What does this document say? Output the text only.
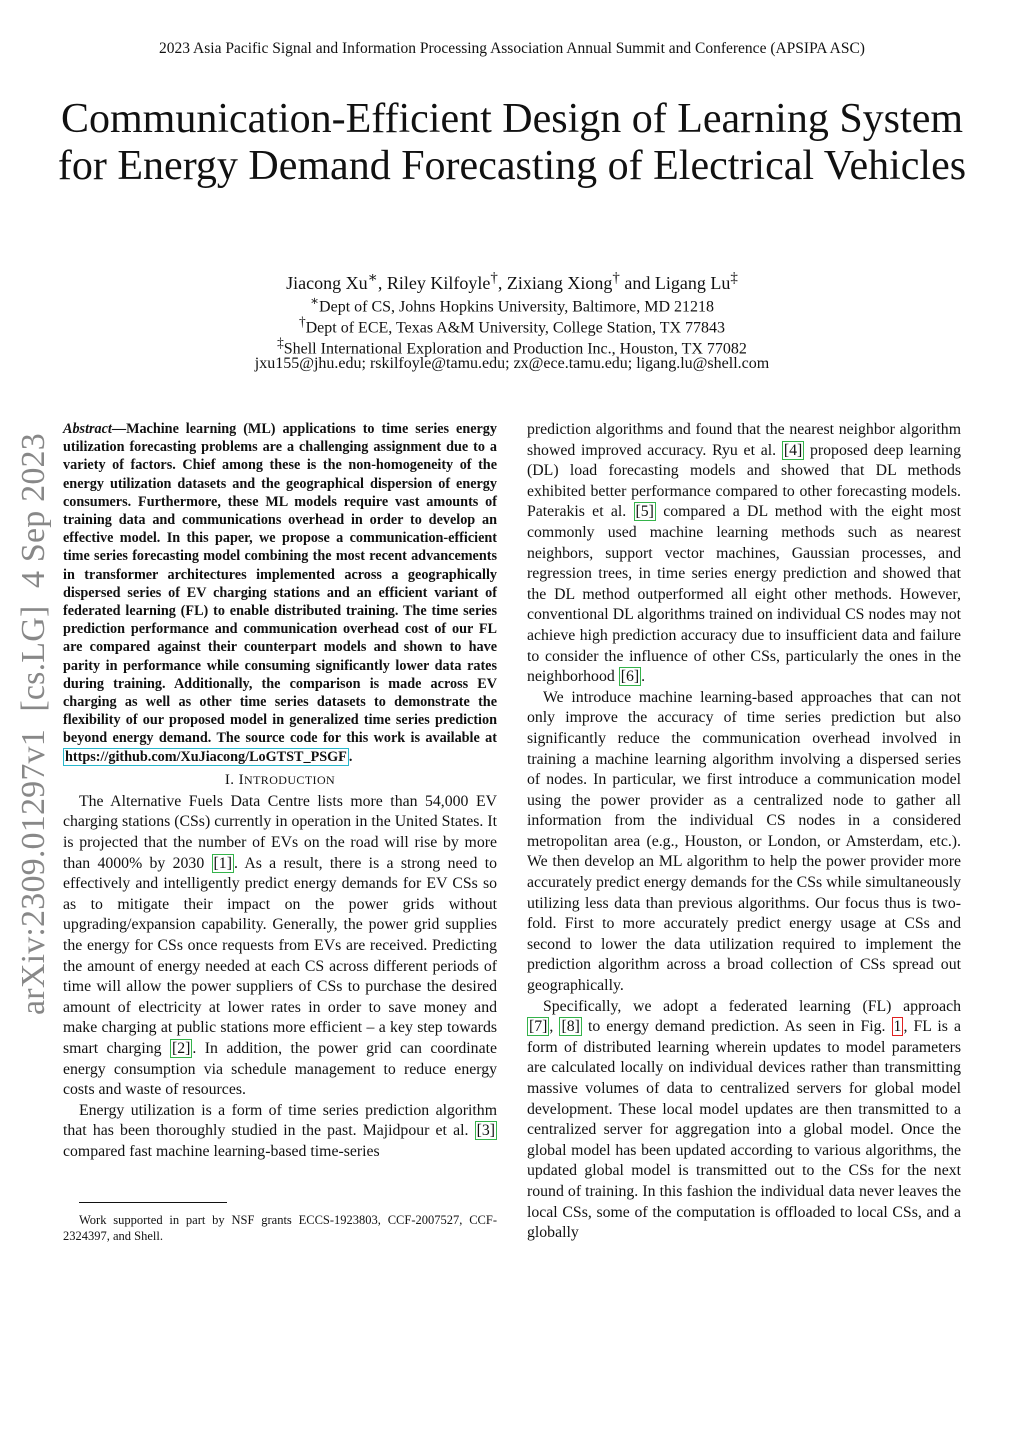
2023 Asia Pacific Signal and Information Processing Association Annual Summit and Conference (APSIPA ASC)
Communication-Efficient Design of Learning System for Energy Demand Forecasting of Electrical Vehicles
Jiacong Xu∗, Riley Kilfoyle†, Zixiang Xiong† and Ligang Lu‡
∗Dept of CS, Johns Hopkins University, Baltimore, MD 21218
†Dept of ECE, Texas A&M University, College Station, TX 77843
‡Shell International Exploration and Production Inc., Houston, TX 77082
jxu155@jhu.edu; rskilfoyle@tamu.edu; zx@ece.tamu.edu; ligang.lu@shell.com
arXiv:2309.01297v1  [cs.LG]  4 Sep 2023

Abstract—Machine learning (ML) applications to time series energy utilization forecasting problems are a challenging assignment due to a variety of factors. Chief among these is the non-homogeneity of the energy utilization datasets and the geographical dispersion of energy consumers. Furthermore, these ML models require vast amounts of training data and communications overhead in order to develop an effective model. In this paper, we propose a communication-efficient time series forecasting model combining the most recent advancements in transformer architectures implemented across a geographically dispersed series of EV charging stations and an efficient variant of federated learning (FL) to enable distributed training. The time series prediction performance and communication overhead cost of our FL are compared against their counterpart models and shown to have parity in performance while consuming significantly lower data rates during training. Additionally, the comparison is made across EV charging as well as other time series datasets to demonstrate the flexibility of our proposed model in generalized time series prediction beyond energy demand. The source code for this work is available at https://github.com/XuJiacong/LoGTST_PSGF .

I. INTRODUCTION

The Alternative Fuels Data Centre lists more than 54,000 EV charging stations (CSs) currently in operation in the United States. It is projected that the number of EVs on the road will rise by more than 4000% by 2030 [1] . As a result, there is a strong need to effectively and intelligently predict energy demands for EV CSs so as to mitigate their impact on the power grids without upgrading/expansion capability. Generally, the power grid supplies the energy for CSs once requests from EVs are received. Predicting the amount of energy needed at each CS across different periods of time will allow the power suppliers of CSs to purchase the desired amount of electricity at lower rates in order to save money and make charging at public stations more efficient – a key step towards smart charging [2] . In addition, the power grid can coordinate energy consumption via schedule management to reduce energy costs and waste of resources.

Energy utilization is a form of time series prediction algorithm that has been thoroughly studied in the past. Majidpour et al. [3] compared fast machine learning-based time-series

Work supported in part by NSF grants ECCS-1923803, CCF-2007527, CCF-2324397, and Shell.

prediction algorithms and found that the nearest neighbor algorithm showed improved accuracy. Ryu et al. [4] proposed deep learning (DL) load forecasting models and showed that DL methods exhibited better performance compared to other forecasting models. Paterakis et al. [5] compared a DL method with the eight most commonly used machine learning methods such as nearest neighbors, support vector machines, Gaussian processes, and regression trees, in time series energy prediction and showed that the DL method outperformed all eight other methods. However, conventional DL algorithms trained on individual CS nodes may not achieve high prediction accuracy due to insufficient data and failure to consider the influence of other CSs, particularly the ones in the neighborhood [6] .

We introduce machine learning-based approaches that can not only improve the accuracy of time series prediction but also significantly reduce the communication overhead involved in training a machine learning algorithm involving a dispersed series of nodes. In particular, we first introduce a communication model using the power provider as a centralized node to gather all information from the individual CS nodes in a considered metropolitan area (e.g., Houston, or London, or Amsterdam, etc.). We then develop an ML algorithm to help the power provider more accurately predict energy demands for the CSs while simultaneously utilizing less data than previous algorithms. Our focus thus is two-fold. First to more accurately predict energy usage at CSs and second to lower the data utilization required to implement the prediction algorithm across a broad collection of CSs spread out geographically.

Specifically, we adopt a federated learning (FL) approach [7] , [8] to energy demand prediction. As seen in Fig. 1 , FL is a form of distributed learning wherein updates to model parameters are calculated locally on individual devices rather than transmitting massive volumes of data to centralized servers for global model development. These local model updates are then transmitted to a centralized server for aggregation into a global model. Once the global model has been updated according to various algorithms, the updated global model is transmitted out to the CSs for the next round of training. In this fashion the individual data never leaves the local CSs, some of the computation is offloaded to local CSs, and a globally
